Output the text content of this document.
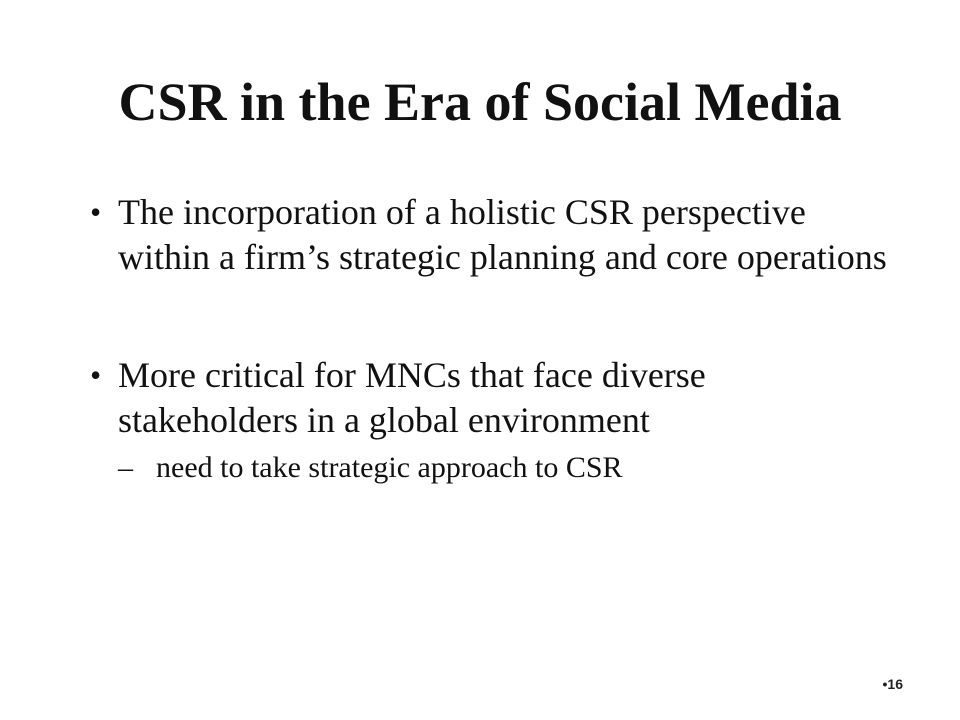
CSR in the Era of Social Media
• The incorporation of a holistic CSR perspective within a firm’s strategic planning and core operations
• More critical for MNCs that face diverse stakeholders in a global environment
– need to take strategic approach to CSR
•16
